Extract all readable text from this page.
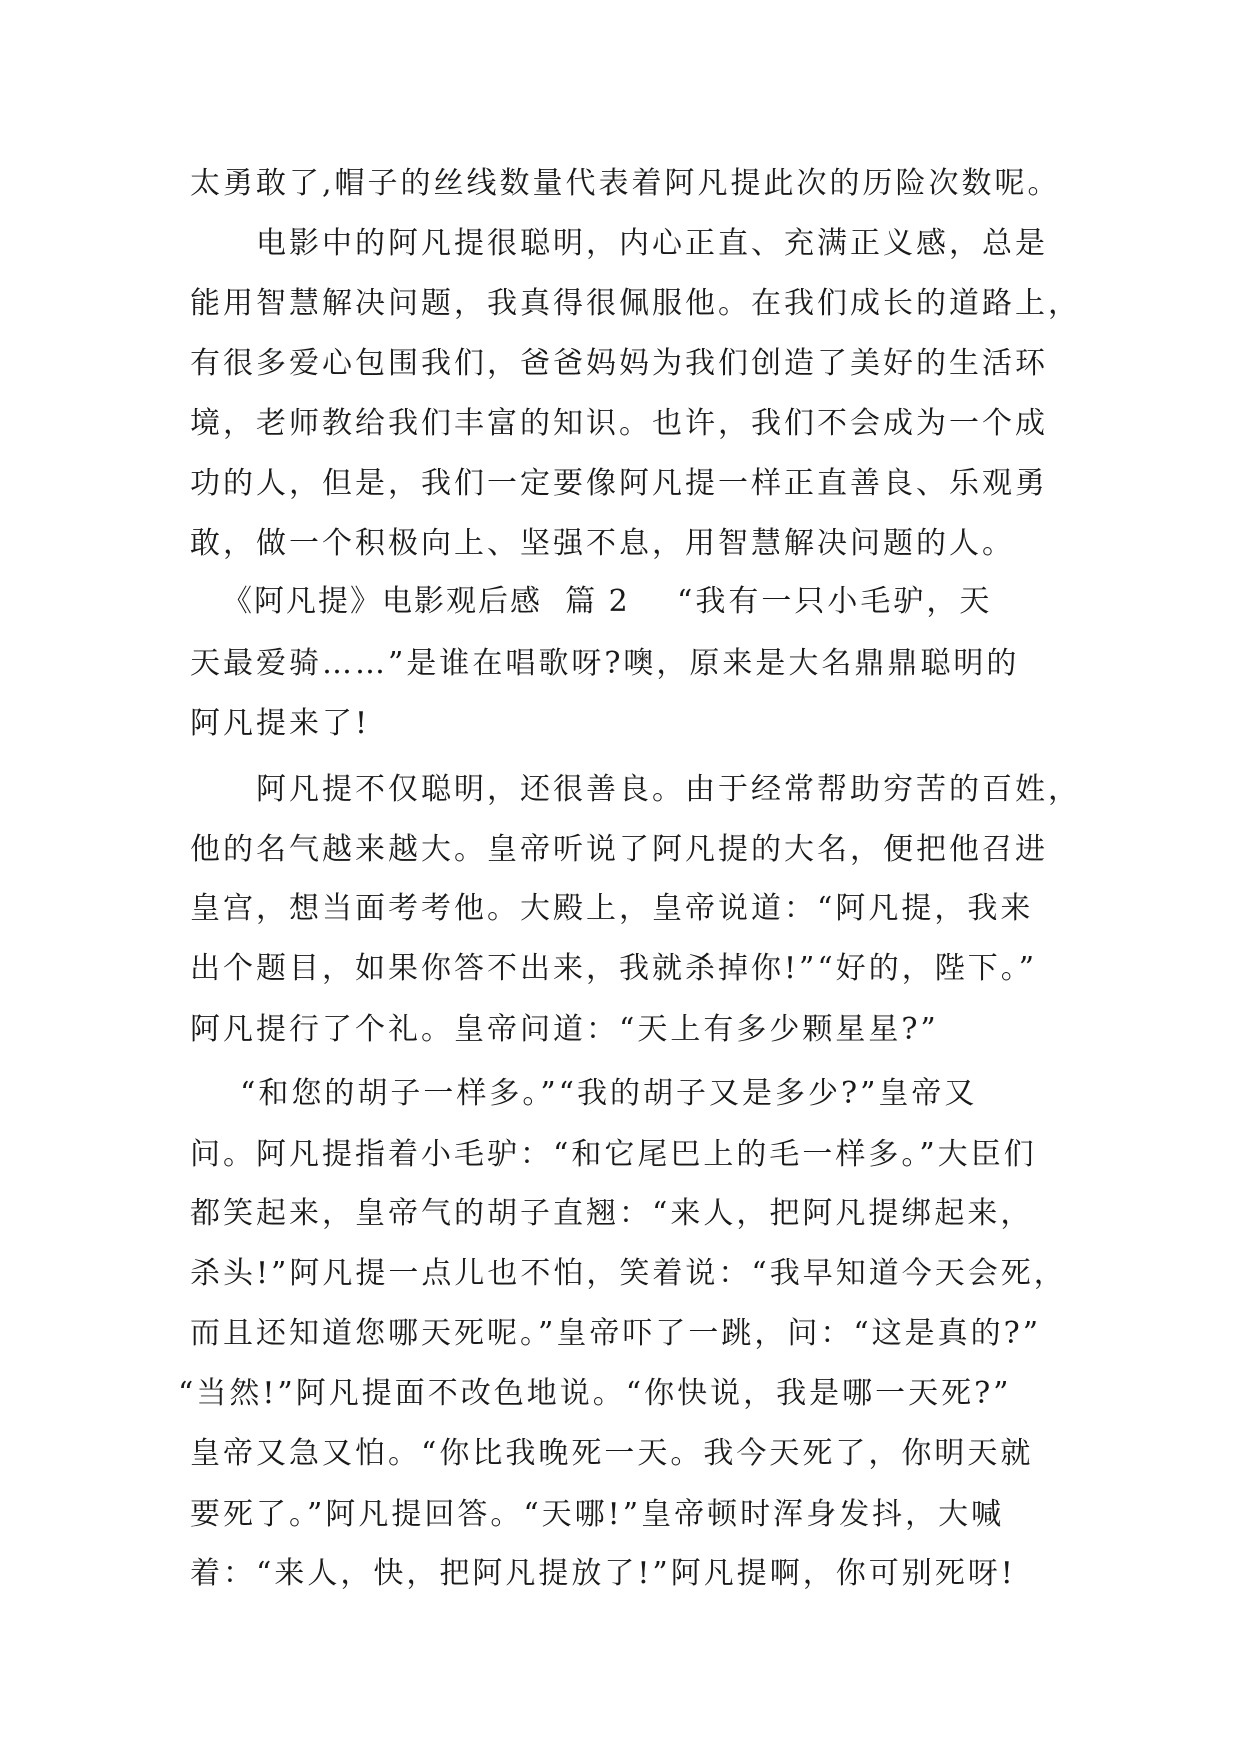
太勇敢了,帽子的丝线数量代表着阿凡提此次的历险次数呢。
电影中的阿凡提很聪明，内心正直、充满正义感，总是
能用智慧解决问题，我真得很佩服他。在我们成长的道路上，
有很多爱心包围我们，爸爸妈妈为我们创造了美好的生活环
境，老师教给我们丰富的知识。也许，我们不会成为一个成
功的人，但是，我们一定要像阿凡提一样正直善良、乐观勇
敢，做一个积极向上、坚强不息，用智慧解决问题的人。
《阿凡提》电影观后感  篇 2 “我有一只小毛驴，天
天最爱骑……”是谁在唱歌呀?噢，原来是大名鼎鼎聪明的
阿凡提来了!
阿凡提不仅聪明，还很善良。由于经常帮助穷苦的百姓，
他的名气越来越大。皇帝听说了阿凡提的大名，便把他召进
皇宫，想当面考考他。大殿上，皇帝说道：“阿凡提，我来
出个题目，如果你答不出来，我就杀掉你!”“好的，陛下。”
阿凡提行了个礼。皇帝问道：“天上有多少颗星星?”
“和您的胡子一样多。”“我的胡子又是多少?”皇帝又
问。阿凡提指着小毛驴：“和它尾巴上的毛一样多。”大臣们
都笑起来，皇帝气的胡子直翘：“来人，把阿凡提绑起来，
杀头!”阿凡提一点儿也不怕，笑着说：“我早知道今天会死，
而且还知道您哪天死呢。”皇帝吓了一跳，问：“这是真的?”
“当然!”阿凡提面不改色地说。“你快说，我是哪一天死?”
皇帝又急又怕。“你比我晚死一天。我今天死了，你明天就
要死了。”阿凡提回答。“天哪!”皇帝顿时浑身发抖，大喊
着：“来人，快，把阿凡提放了!”阿凡提啊，你可别死呀!
